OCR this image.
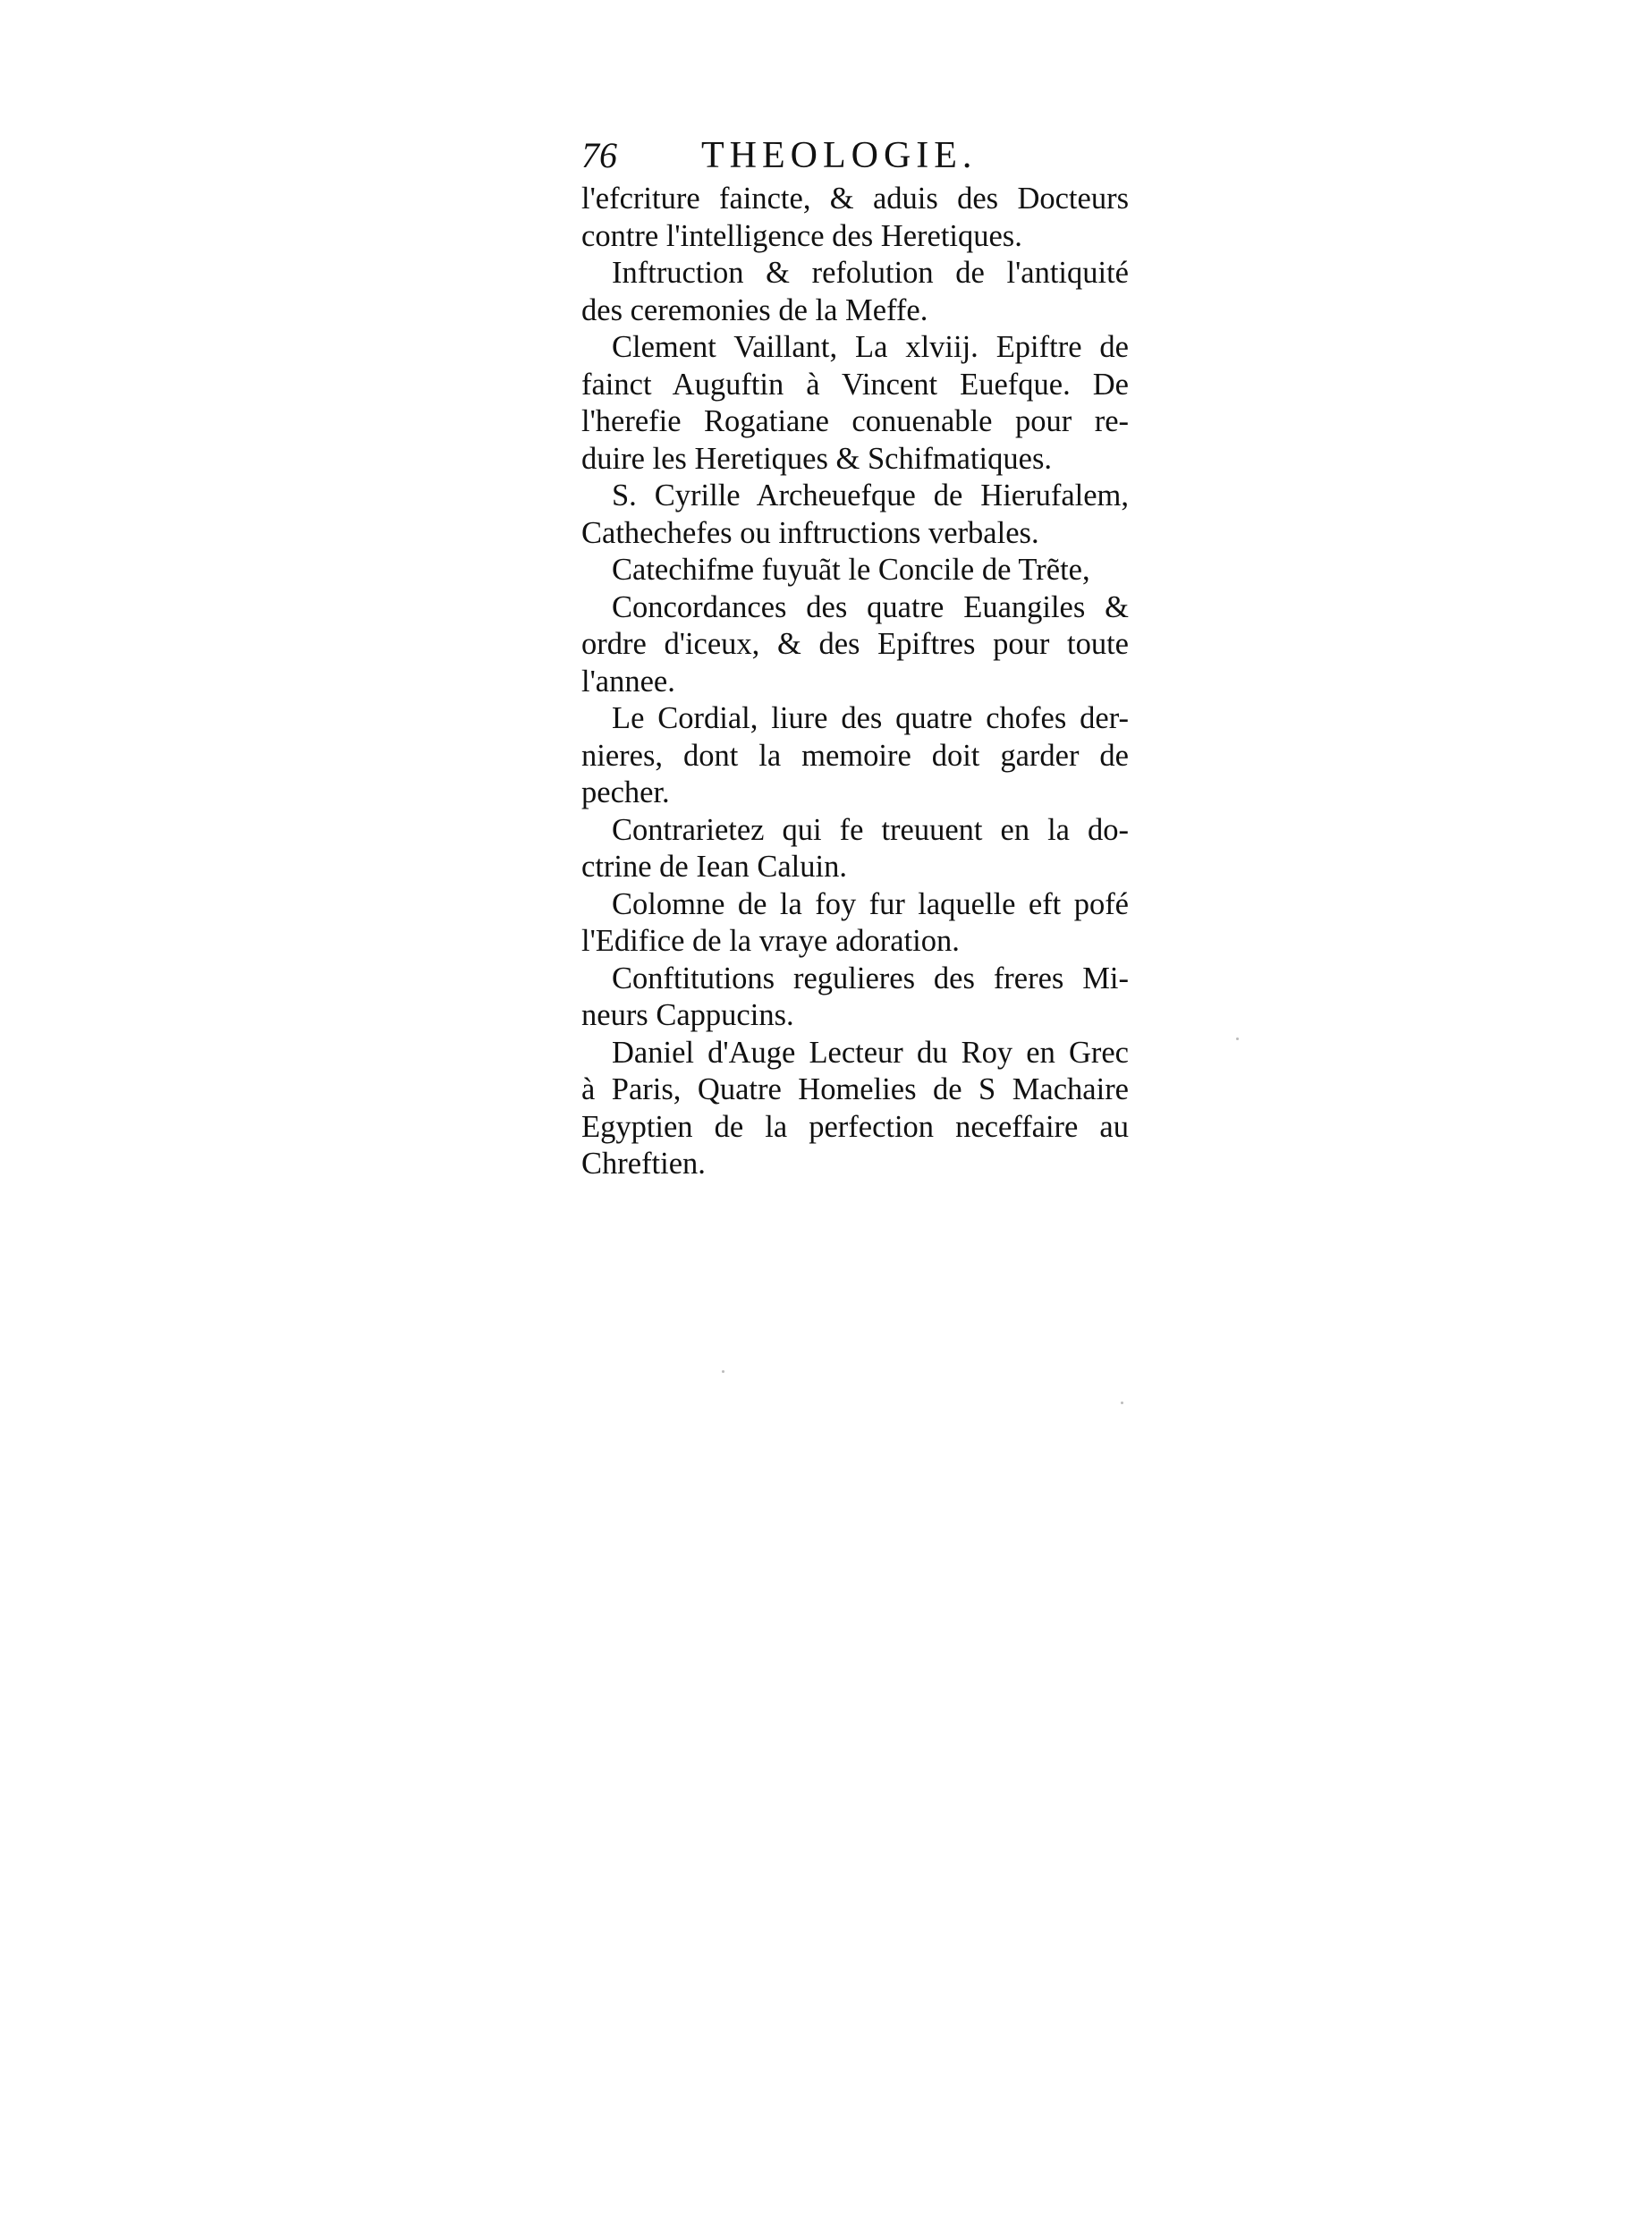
76 THEOLOGIE.

l'efcriture faincte, & aduis des Docteurs
contre l'intelligence des Heretiques.

Inftruction & refolution de l'antiquité
des ceremonies de la Meffe.

Clement Vaillant, La xlviij. Epiftre de
fainct Auguftin à Vincent Euefque. De
l'herefie Rogatiane conuenable pour re-
duire les Heretiques & Schifmatiques.

S. Cyrille Archeuefque de Hierufalem,
Cathechefes ou inftructions verbales.

Catechifme fuyuãt le Concile de Trẽte,

Concordances des quatre Euangiles &
ordre d'iceux, & des Epiftres pour toute
l'annee.

Le Cordial, liure des quatre chofes der-
nieres, dont la memoire doit garder de
pecher.

Contrarietez qui fe treuuent en la do-
ctrine de Iean Caluin.

Colomne de la foy fur laquelle eft pofé
l'Edifice de la vraye adoration.

Conftitutions regulieres des freres Mi-
neurs Cappucins.

Daniel d'Auge Lecteur du Roy en Grec
à Paris, Quatre Homelies de S Machaire
Egyptien de la perfection neceffaire au
Chreftien.
